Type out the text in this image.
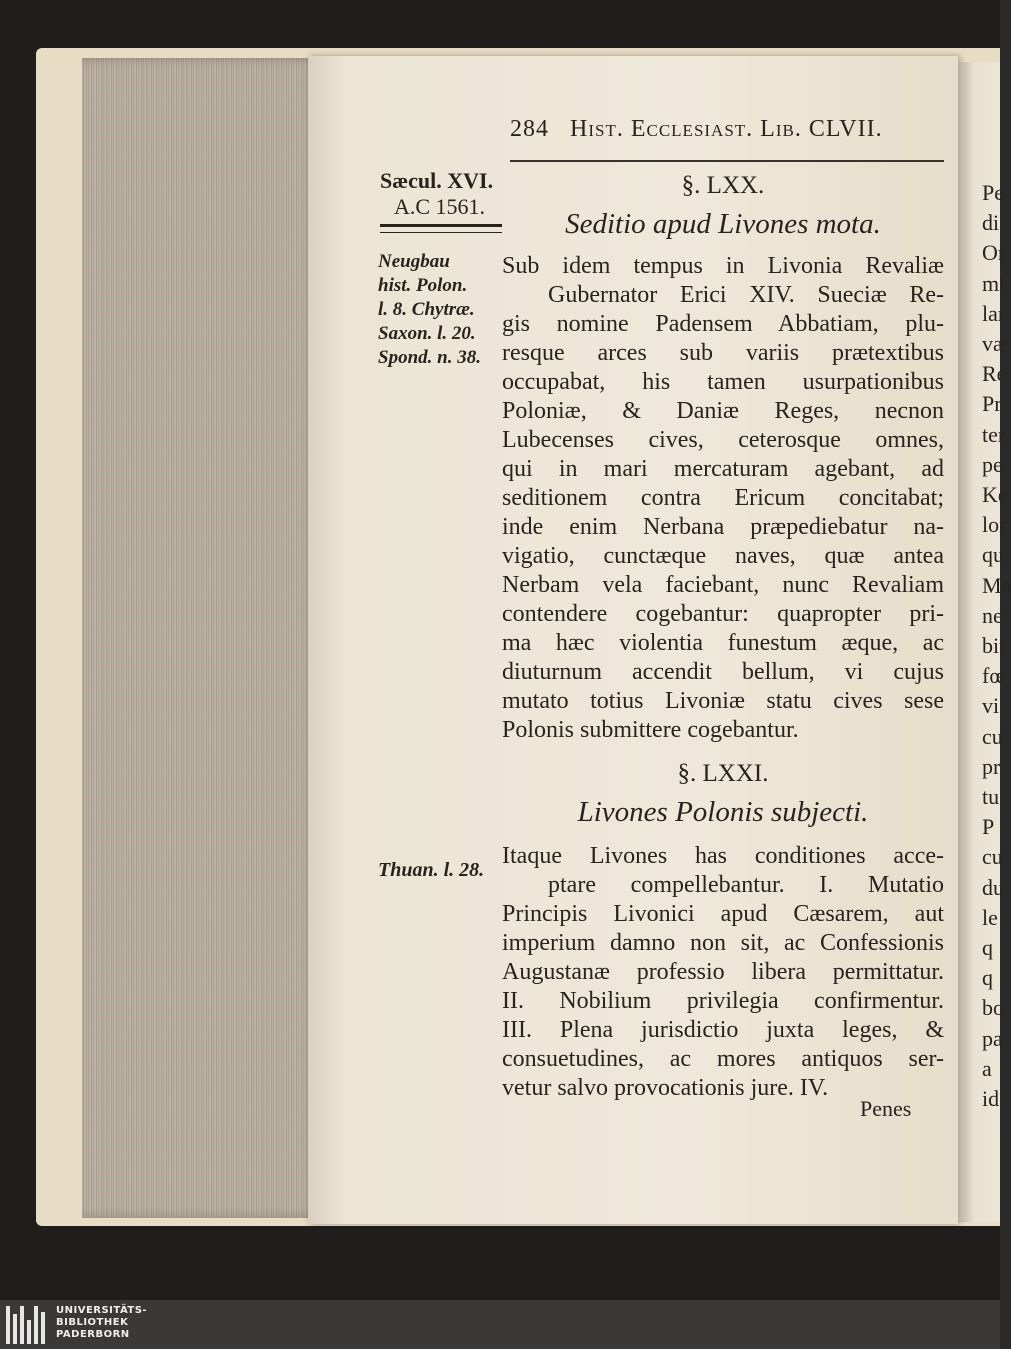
Pe
di
Or
mi
lar
væ
Re
Pr
ter
pe
Ke
lor
qu
Ma
ne
bit
fœ
vi
cu
pr
tu
P
cu
du
le
q
q
bo
pa
a
id
284 Hist. Ecclesiast. Lib. CLVII.
Sæcul. XVI.
A.C 1561.
Neugbau
hist. Polon.
l. 8. Chytræ.
Saxon. l. 20.
Spond. n. 38.
§. LXX.
Seditio apud Livones mota.
Sub idem tempus in Livonia Revaliæ
Gubernator Erici XIV. Sueciæ Re-
gis nomine Padensem Abbatiam, plu-
resque arces sub variis prætextibus
occupabat, his tamen usurpationibus
Poloniæ, & Daniæ Reges, necnon
Lubecenses cives, ceterosque omnes,
qui in mari mercaturam agebant, ad
seditionem contra Ericum concitabat;
inde enim Nerbana præpediebatur na-
vigatio, cunctæque naves, quæ antea
Nerbam vela faciebant, nunc Revaliam
contendere cogebantur: quapropter pri-
ma hæc violentia funestum æque, ac
diuturnum accendit bellum, vi cujus
mutato totius Livoniæ statu cives sese
Polonis submittere cogebantur.
§. LXXI.
Livones Polonis subjecti.
Thuan. l. 28.
Itaque Livones has conditiones acce-
ptare compellebantur. I. Mutatio
Principis Livonici apud Cæsarem, aut
imperium damno non sit, ac Confessionis
Augustanæ professio libera permittatur.
II. Nobilium privilegia confirmentur.
III. Plena jurisdictio juxta leges, &
consuetudines, ac mores antiquos ser-
vetur salvo provocationis jure. IV.
Penes
UNIVERSITÄTS-
BIBLIOTHEK
PADERBORN
